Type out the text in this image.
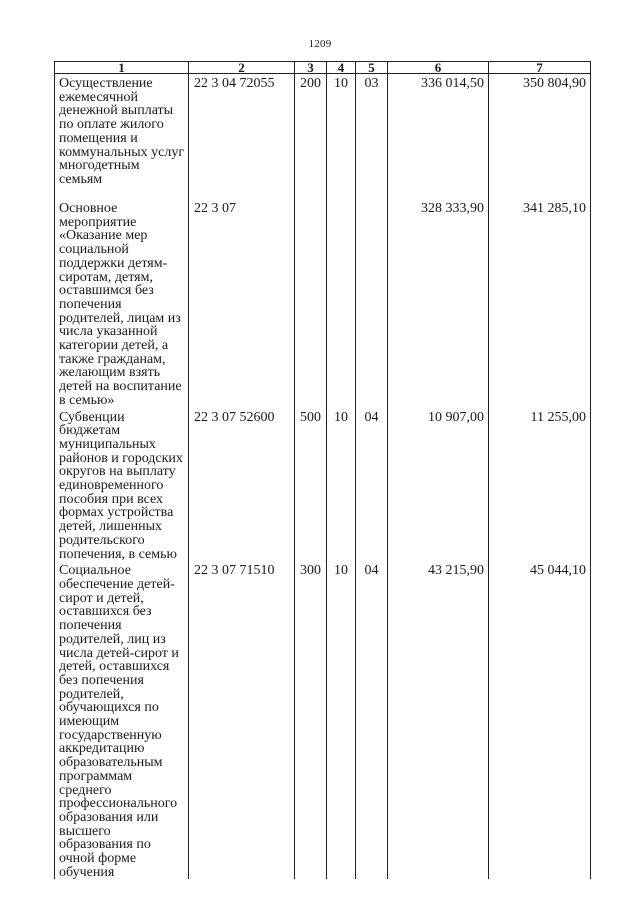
1209
1	2	3	4	5	6	7
Осуществление ежемесячной денежной выплаты по оплате жилого помещения и коммунальных услуг многодетным семьям	22 3 04 72055	200	10	03	336 014,50	350 804,90
Основное мероприятие «Оказание мер социальной поддержки детям-сиротам, детям, оставшимся без попечения родителей, лицам из числа указанной категории детей, а также гражданам, желающим взять детей на воспитание в семью»	22 3 07				328 333,90	341 285,10
Субвенции бюджетам муниципальных районов и городских округов на выплату единовременного пособия при всех формах устройства детей, лишенных родительского попечения, в семью	22 3 07 52600	500	10	04	10 907,00	11 255,00
Социальное обеспечение детей-сирот и детей, оставшихся без попечения родителей, лиц из числа детей-сирот и детей, оставшихся без попечения родителей, обучающихся по имеющим государственную аккредитацию образовательным программам среднего профессионального образования или высшего образования по очной форме обучения	22 3 07 71510	300	10	04	43 215,90	45 044,10
